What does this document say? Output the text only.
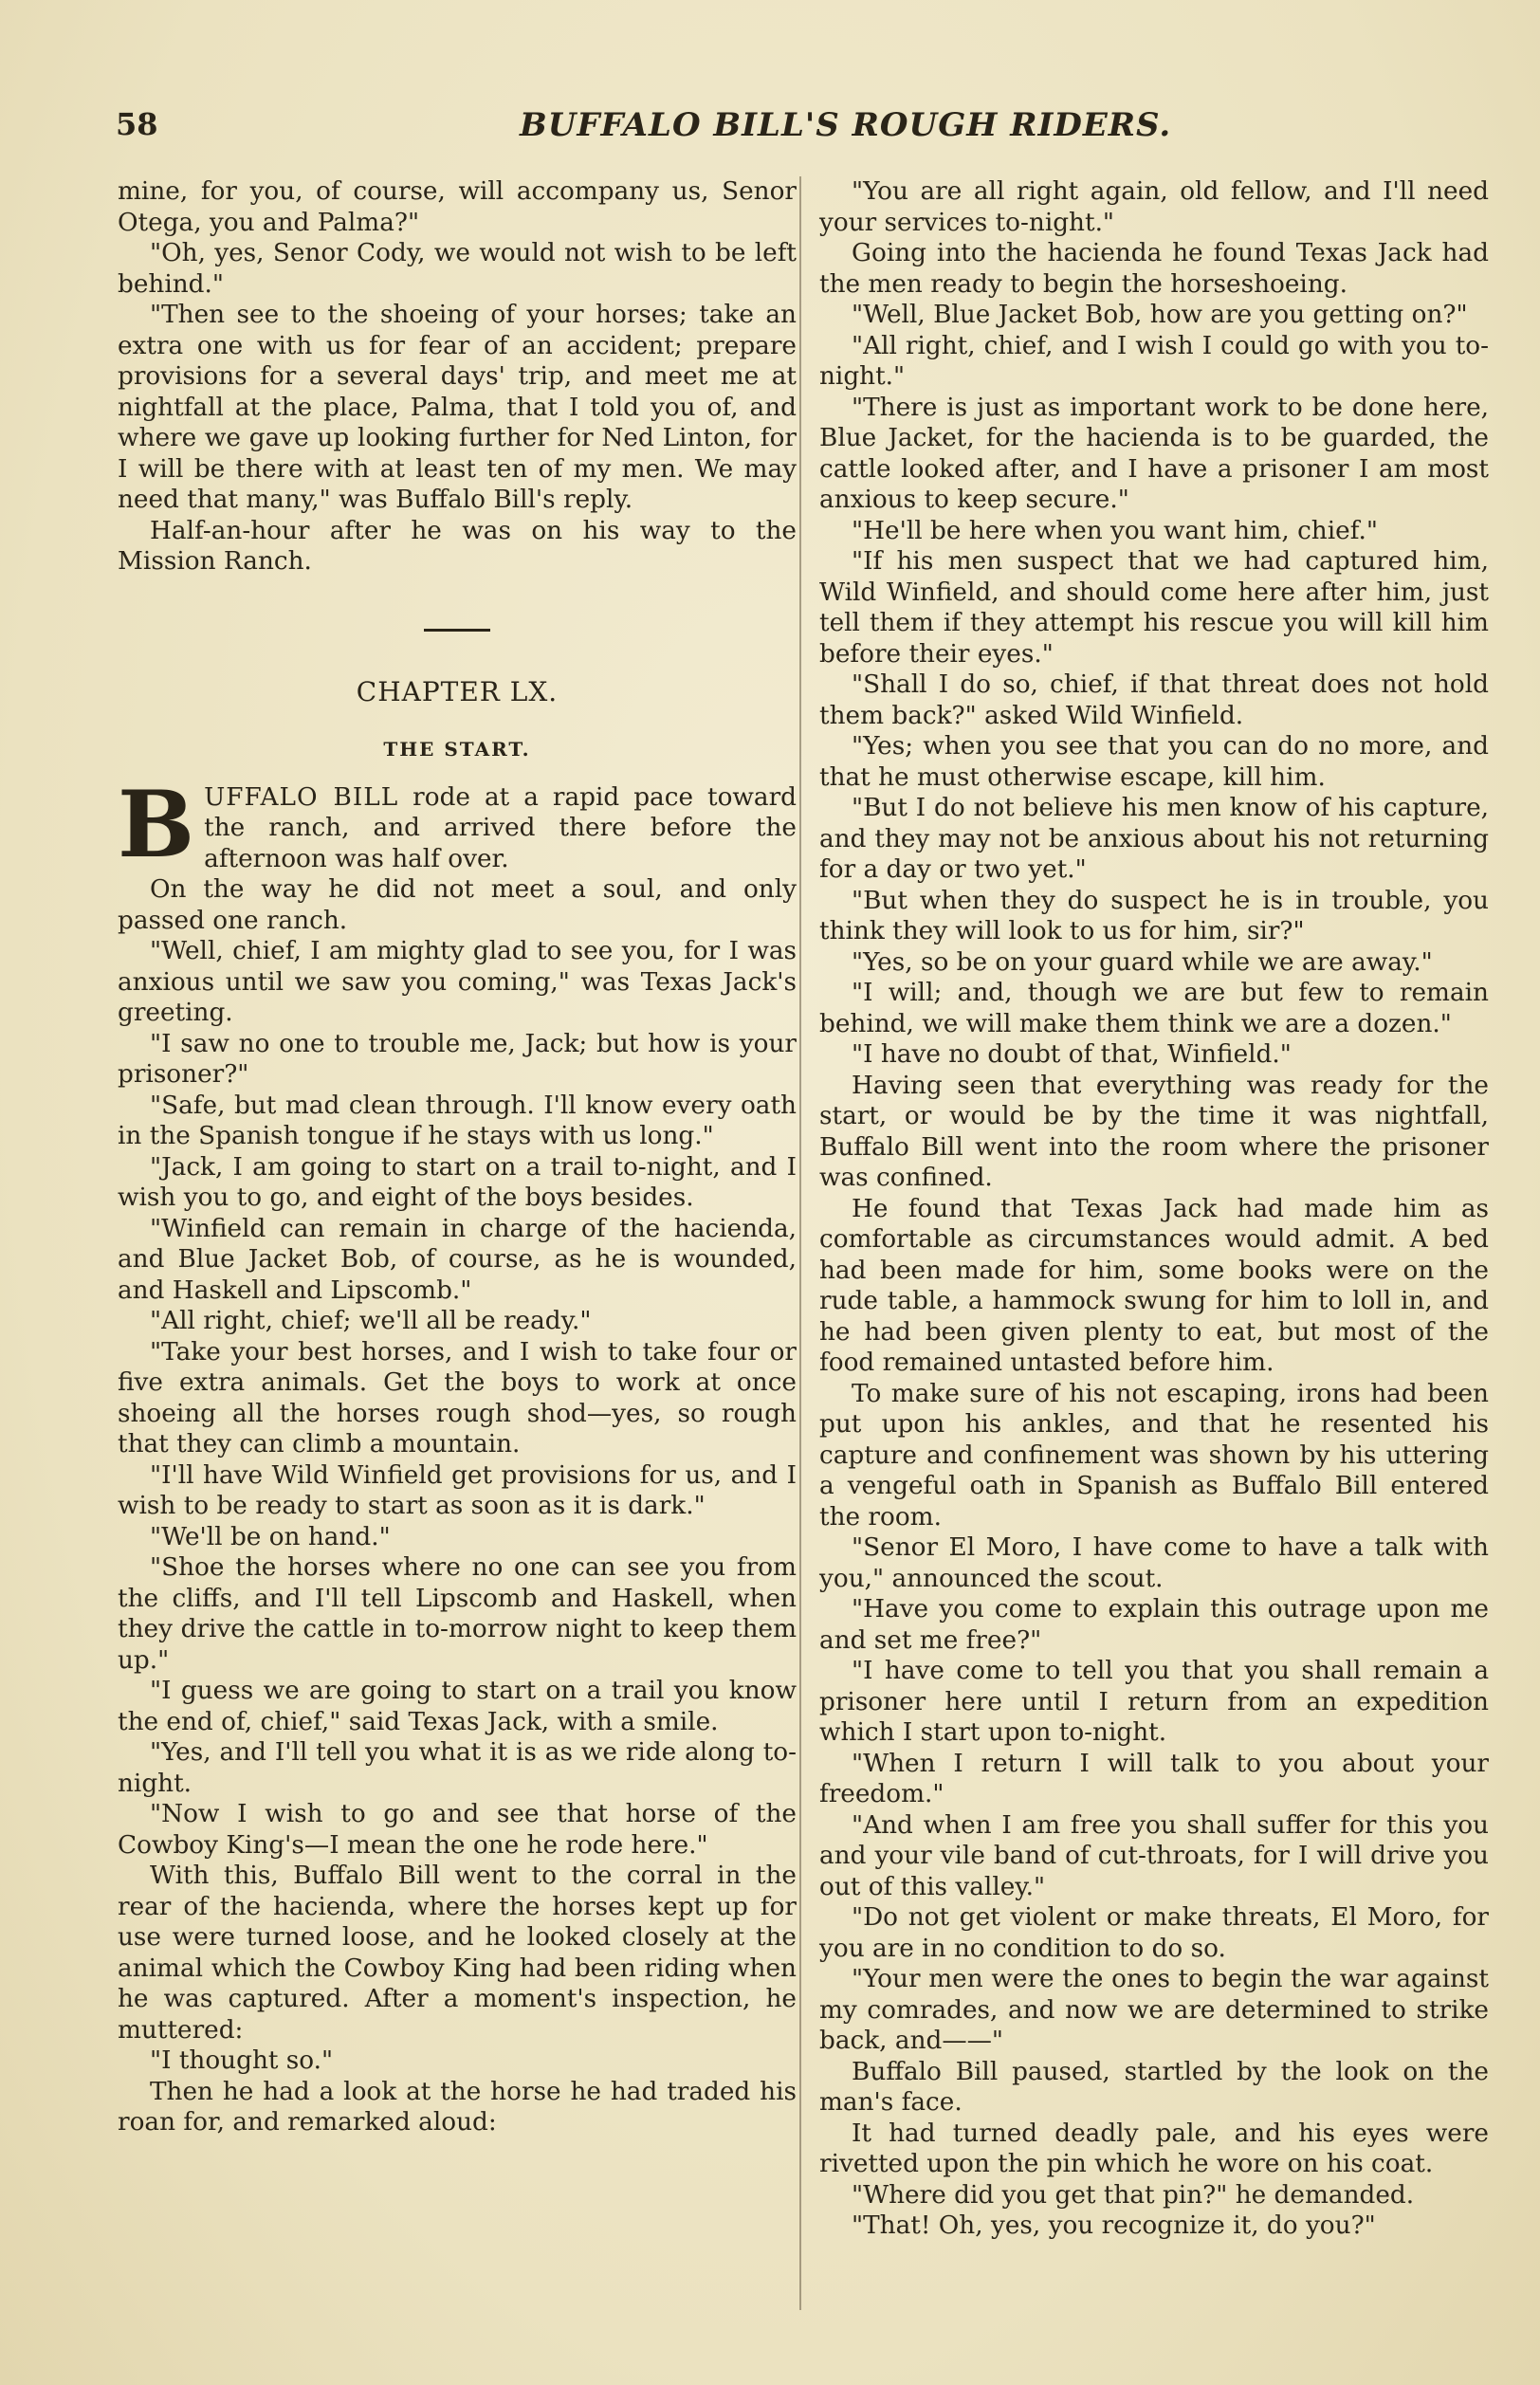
58	BUFFALO BILL'S ROUGH RIDERS.

mine, for you, of course, will accompany us, Senor Otega, you and Palma?"

"Oh, yes, Senor Cody, we would not wish to be left behind."

"Then see to the shoeing of your horses; take an extra one with us for fear of an accident; prepare provisions for a several days' trip, and meet me at nightfall at the place, Palma, that I told you of, and where we gave up looking further for Ned Linton, for I will be there with at least ten of my men. We may need that many," was Buffalo Bill's reply.

Half-an-hour after he was on his way to the Mission Ranch.

CHAPTER LX.
THE START.

B UFFALO BILL rode at a rapid pace toward the ranch, and arrived there before the afternoon was half over.

On the way he did not meet a soul, and only passed one ranch.

"Well, chief, I am mighty glad to see you, for I was anxious until we saw you coming," was Texas Jack's greeting.

"I saw no one to trouble me, Jack; but how is your prisoner?"

"Safe, but mad clean through. I'll know every oath in the Spanish tongue if he stays with us long."

"Jack, I am going to start on a trail to-night, and I wish you to go, and eight of the boys besides.

"Winfield can remain in charge of the hacienda, and Blue Jacket Bob, of course, as he is wounded, and Haskell and Lipscomb."

"All right, chief; we'll all be ready."

"Take your best horses, and I wish to take four or five extra animals. Get the boys to work at once shoeing all the horses rough shod—yes, so rough that they can climb a mountain.

"I'll have Wild Winfield get provisions for us, and I wish to be ready to start as soon as it is dark."

"We'll be on hand."

"Shoe the horses where no one can see you from the cliffs, and I'll tell Lipscomb and Haskell, when they drive the cattle in to-morrow night to keep them up."

"I guess we are going to start on a trail you know the end of, chief," said Texas Jack, with a smile.

"Yes, and I'll tell you what it is as we ride along to-night.

"Now I wish to go and see that horse of the Cowboy King's—I mean the one he rode here."

With this, Buffalo Bill went to the corral in the rear of the hacienda, where the horses kept up for use were turned loose, and he looked closely at the animal which the Cowboy King had been riding when he was captured. After a moment's inspection, he muttered:

"I thought so."

Then he had a look at the horse he had traded his roan for, and remarked aloud:

"You are all right again, old fellow, and I'll need your services to-night."

Going into the hacienda he found Texas Jack had the men ready to begin the horseshoeing.

"Well, Blue Jacket Bob, how are you getting on?"

"All right, chief, and I wish I could go with you to-night."

"There is just as important work to be done here, Blue Jacket, for the hacienda is to be guarded, the cattle looked after, and I have a prisoner I am most anxious to keep secure."

"He'll be here when you want him, chief."

"If his men suspect that we had captured him, Wild Winfield, and should come here after him, just tell them if they attempt his rescue you will kill him before their eyes."

"Shall I do so, chief, if that threat does not hold them back?" asked Wild Winfield.

"Yes; when you see that you can do no more, and that he must otherwise escape, kill him.

"But I do not believe his men know of his capture, and they may not be anxious about his not returning for a day or two yet."

"But when they do suspect he is in trouble, you think they will look to us for him, sir?"

"Yes, so be on your guard while we are away."

"I will; and, though we are but few to remain behind, we will make them think we are a dozen."

"I have no doubt of that, Winfield."

Having seen that everything was ready for the start, or would be by the time it was nightfall, Buffalo Bill went into the room where the prisoner was confined.

He found that Texas Jack had made him as comfortable as circumstances would admit. A bed had been made for him, some books were on the rude table, a hammock swung for him to loll in, and he had been given plenty to eat, but most of the food remained untasted before him.

To make sure of his not escaping, irons had been put upon his ankles, and that he resented his capture and confinement was shown by his uttering a vengeful oath in Spanish as Buffalo Bill entered the room.

"Senor El Moro, I have come to have a talk with you," announced the scout.

"Have you come to explain this outrage upon me and set me free?"

"I have come to tell you that you shall remain a prisoner here until I return from an expedition which I start upon to-night.

"When I return I will talk to you about your freedom."

"And when I am free you shall suffer for this you and your vile band of cut-throats, for I will drive you out of this valley."

"Do not get violent or make threats, El Moro, for you are in no condition to do so.

"Your men were the ones to begin the war against my comrades, and now we are determined to strike back, and——"

Buffalo Bill paused, startled by the look on the man's face.

It had turned deadly pale, and his eyes were rivetted upon the pin which he wore on his coat.

"Where did you get that pin?" he demanded.

"That! Oh, yes, you recognize it, do you?"
